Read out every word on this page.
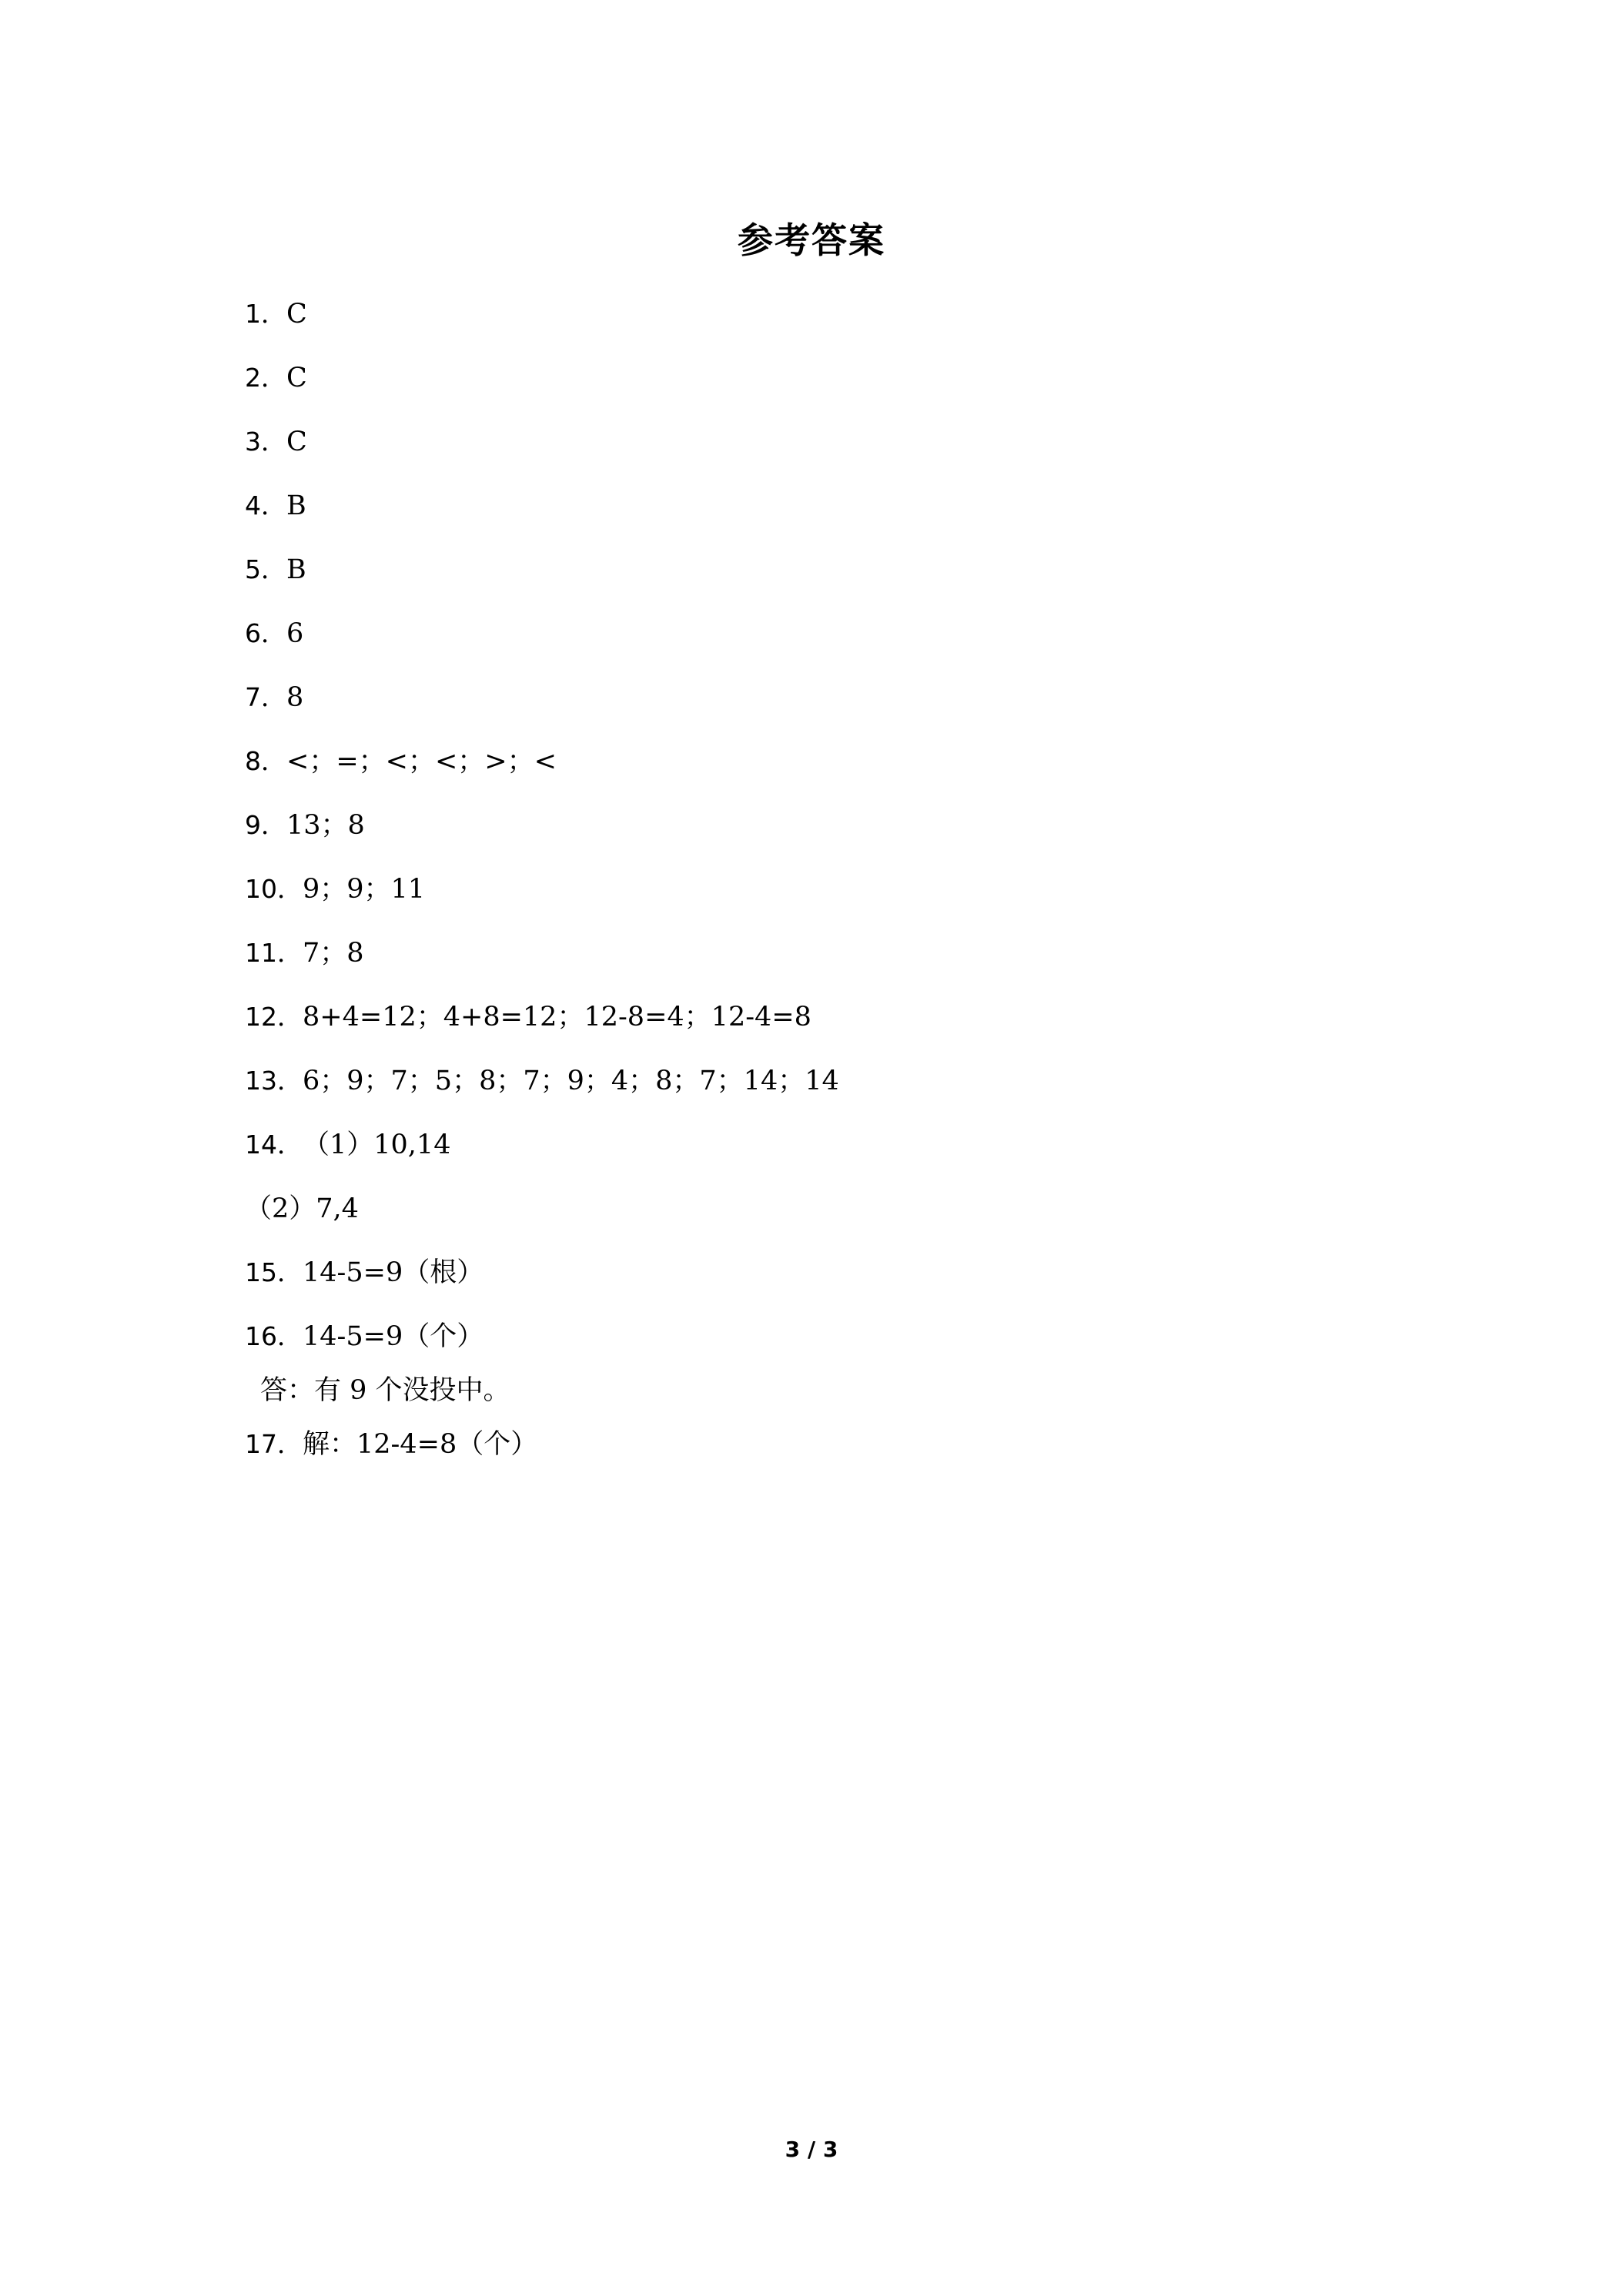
参考答案
1．C
2．C
3．C
4．B
5．B
6．6
7．8
8．<；=；<；<；>；<
9．13；8
10．9；9；11
11．7；8
12．8+4=12；4+8=12；12-8=4；12-4=8
13．6；9；7；5；8；7；9；4；8；7；14；14
14．（1）10,14
（2）7,4
15．14-5=9（根）
16．14-5=9（个）
答：有 9 个没投中。
17．解：12-4=8（个）
3 / 3
